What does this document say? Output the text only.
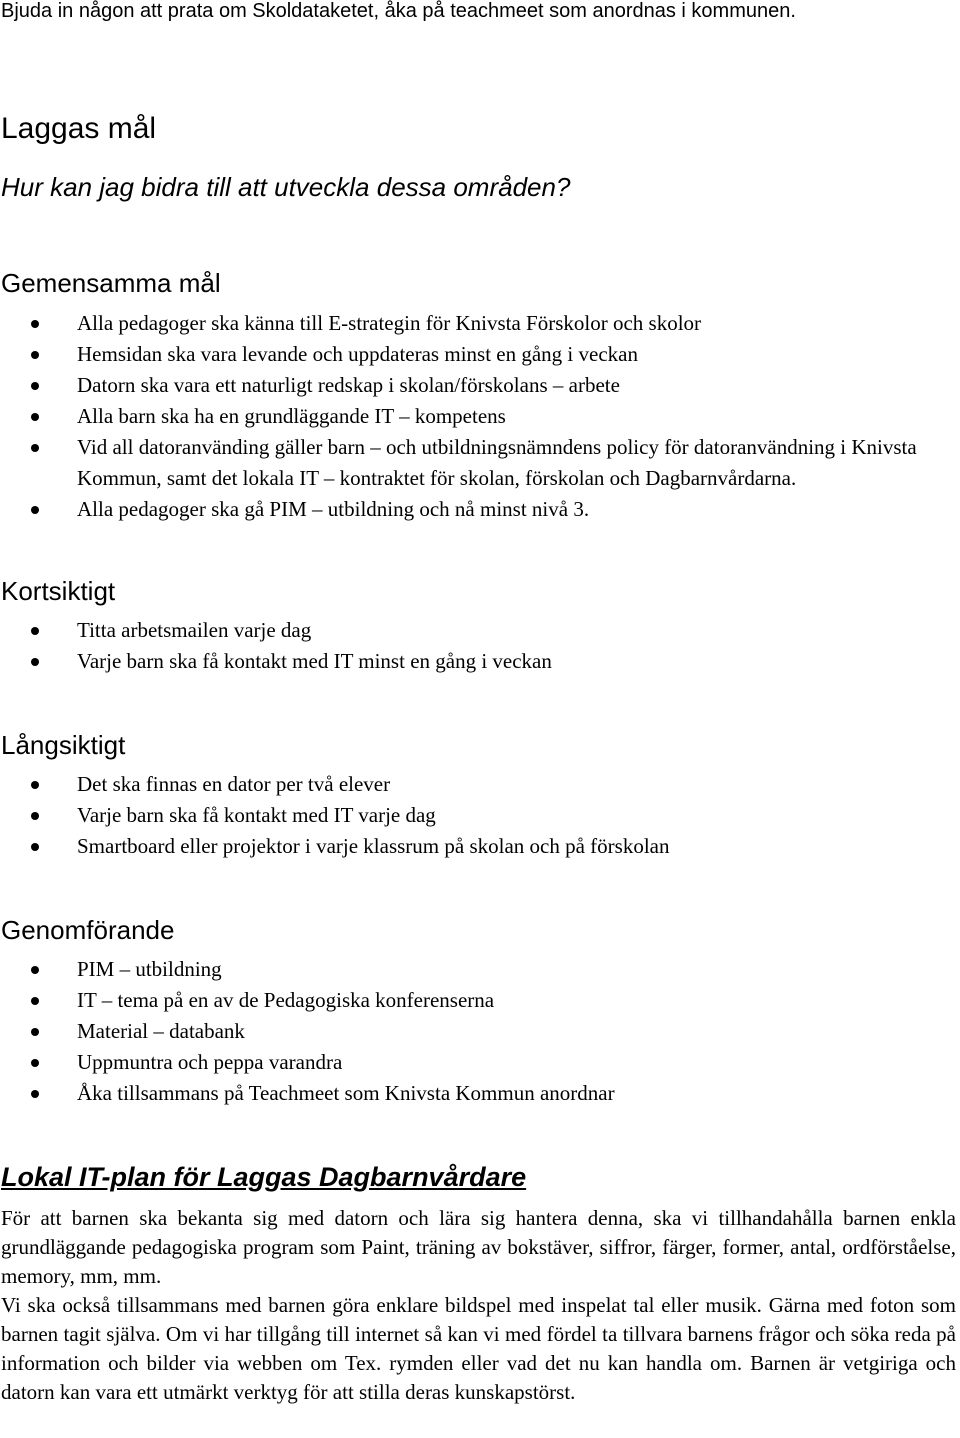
Bjuda in någon att prata om Skoldataketet, åka på teachmeet som anordnas i kommunen.
Laggas mål
Hur kan jag bidra till att utveckla dessa områden?
Gemensamma mål
Alla pedagoger ska känna till E-strategin för Knivsta Förskolor och skolor
Hemsidan ska vara levande och uppdateras minst en gång i veckan
Datorn ska vara ett naturligt redskap i skolan/förskolans – arbete
Alla barn ska ha en grundläggande IT – kompetens
Vid all datoranvänding gäller barn – och utbildningsnämndens policy för datoranvändning i Knivsta Kommun, samt det lokala IT – kontraktet för skolan, förskolan och Dagbarnvårdarna.
Alla pedagoger ska gå PIM – utbildning och nå minst nivå 3.
Kortsiktigt
Titta arbetsmailen varje dag
Varje barn ska få kontakt med IT minst en gång i veckan
Långsiktigt
Det ska finnas en dator per två elever
Varje barn ska få kontakt med IT varje dag
Smartboard eller projektor i varje klassrum på skolan och på förskolan
Genomförande
PIM – utbildning
IT – tema på en av de Pedagogiska konferenserna
Material – databank
Uppmuntra och peppa varandra
Åka tillsammans på Teachmeet som Knivsta Kommun anordnar
Lokal IT-plan för Laggas Dagbarnvårdare

För att barnen ska bekanta sig med datorn och lära sig hantera denna, ska vi tillhandahålla barnen enkla grundläggande pedagogiska program som Paint, träning av bokstäver, siffror, färger, former, antal, ordförståelse, memory, mm, mm.

Vi ska också tillsammans med barnen göra enklare bildspel med inspelat tal eller musik. Gärna med foton som barnen tagit själva. Om vi har tillgång till internet så kan vi med fördel ta tillvara barnens frågor och söka reda på information och bilder via webben om Tex. rymden eller vad det nu kan handla om. Barnen är vetgiriga och datorn kan vara ett utmärkt verktyg för att stilla deras kunskapstörst.
